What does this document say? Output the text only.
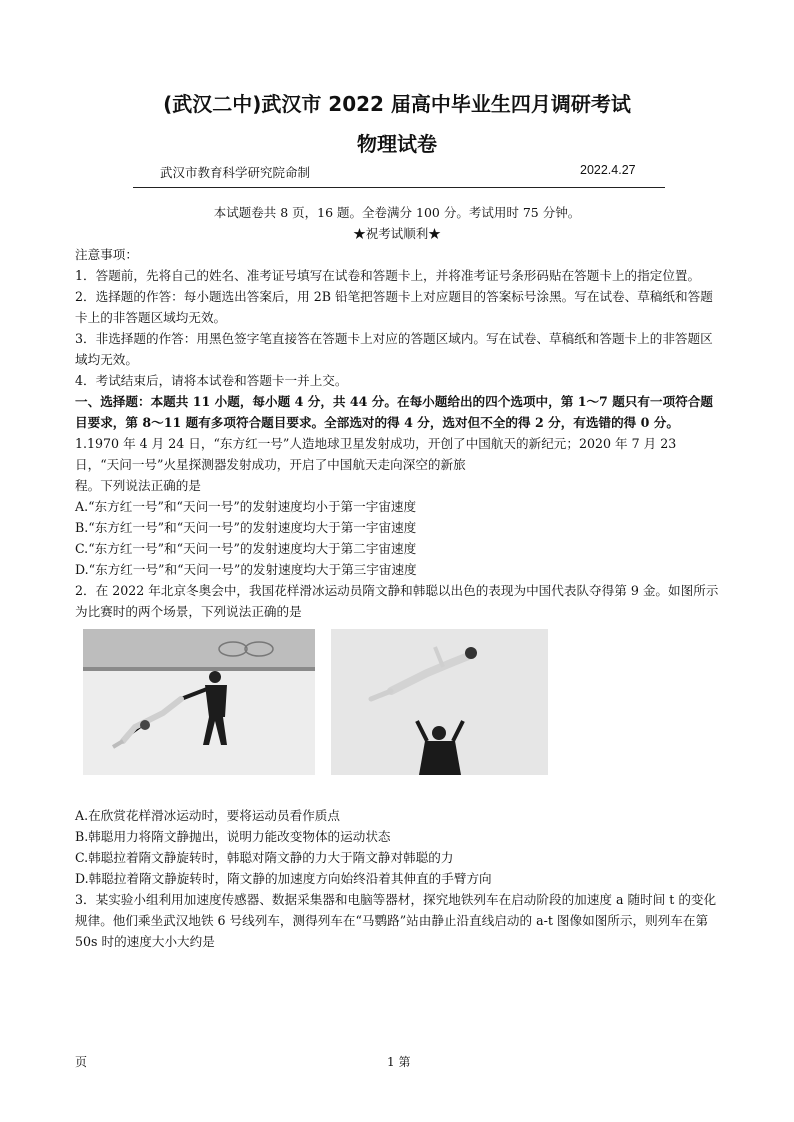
(武汉二中)武汉市 2022 届高中毕业生四月调研考试
物理试卷
武汉市教育科学研究院命制	2022.4.27
本试题卷共 8 页，16 题。全卷满分 100 分。考试用时 75 分钟。
★祝考试顺利★

注意事项：

1．答题前，先将自己的姓名、准考证号填写在试卷和答题卡上，并将准考证号条形码贴在答题卡上的指定位置。

2．选择题的作答：每小题选出答案后，用 2B 铅笔把答题卡上对应题目的答案标号涂黑。写在试卷、草稿纸和答题卡上的非答题区域均无效。

3．非选择题的作答：用黑色签字笔直接答在答题卡上对应的答题区域内。写在试卷、草稿纸和答题卡上的非答题区域均无效。

4．考试结束后，请将本试卷和答题卡一并上交。

一、选择题：本题共 11 小题，每小题 4 分，共 44 分。在每小题给出的四个选项中，第 1～7 题只有一项符合题目要求，第 8～11 题有多项符合题目要求。全部选对的得 4 分，选对但不全的得 2 分，有选错的得 0 分。

1.1970 年 4 月 24 日，“东方红一号”人造地球卫星发射成功，开创了中国航天的新纪元；2020 年 7 月 23 日，“天问一号”火星探测器发射成功，开启了中国航天走向深空的新旅

程。下列说法正确的是

A.“东方红一号”和“天问一号”的发射速度均小于第一宇宙速度

B.“东方红一号”和“天问一号”的发射速度均大于第一宇宙速度

C.“东方红一号”和“天问一号”的发射速度均大于第二宇宙速度

D.“东方红一号”和“天问一号”的发射速度均大于第三宇宙速度

2．在 2022 年北京冬奥会中，我国花样滑冰运动员隋文静和韩聪以出色的表现为中国代表队夺得第 9 金。如图所示为比赛时的两个场景，下列说法正确的是

A.在欣赏花样滑冰运动时，要将运动员看作质点

B.韩聪用力将隋文静抛出，说明力能改变物体的运动状态

C.韩聪拉着隋文静旋转时，韩聪对隋文静的力大于隋文静对韩聪的力

D.韩聪拉着隋文静旋转时，隋文静的加速度方向始终沿着其伸直的手臂方向

3．某实验小组利用加速度传感器、数据采集器和电脑等器材，探究地铁列车在启动阶段的加速度 a 随时间 t 的变化规律。他们乘坐武汉地铁 6 号线列车，测得列车在“马鹦路”站由静止沿直线启动的 a-t 图像如图所示，则列车在第 50s 时的速度大小大约是

页	1 第
